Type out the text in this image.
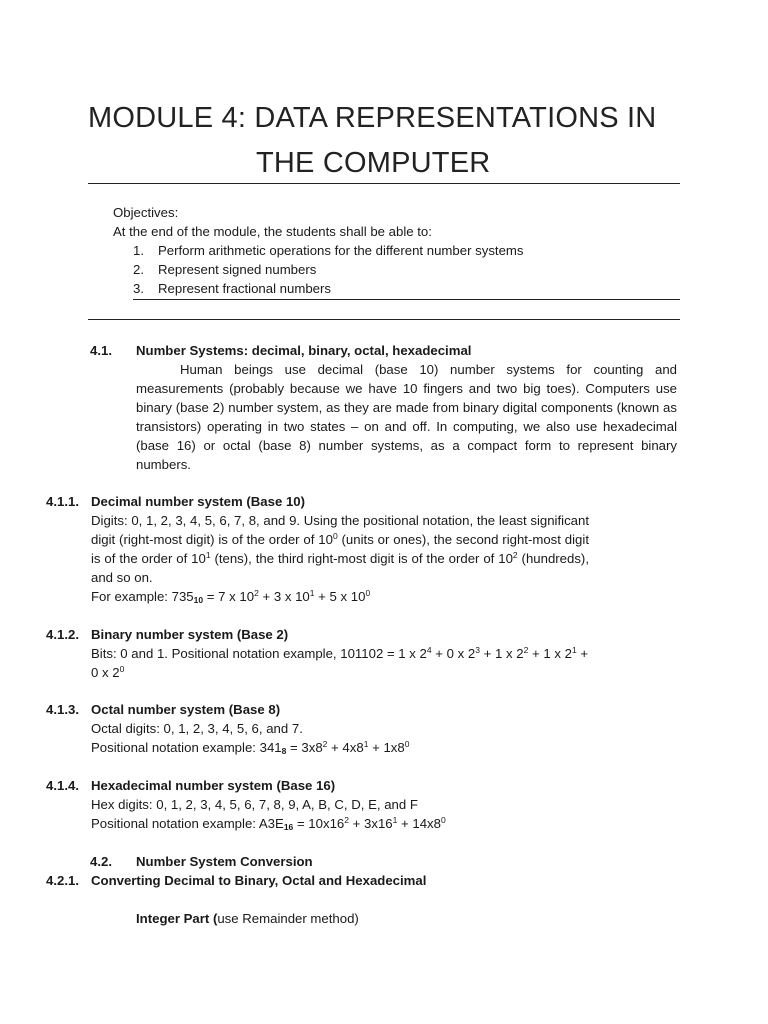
MODULE 4: DATA REPRESENTATIONS IN
THE COMPUTER
Objectives:
At the end of the module, the students shall be able to:
1. Perform arithmetic operations for the different number systems
2. Represent signed numbers
3. Represent fractional numbers
4.1. Number Systems: decimal, binary, octal, hexadecimal
Human beings use decimal (base 10) number systems for counting and measurements (probably because we have 10 fingers and two big toes). Computers use binary (base 2) number system, as they are made from binary digital components (known as transistors) operating in two states – on and off. In computing, we also use hexadecimal (base 16) or octal (base 8) number systems, as a compact form to represent binary numbers.
4.1.1. Decimal number system (Base 10)
Digits: 0, 1, 2, 3, 4, 5, 6, 7, 8, and 9. Using the positional notation, the least significant digit (right-most digit) is of the order of $10^0$ (units or ones), the second right-most digit is of the order of $10^1$ (tens), the third right-most digit is of the order of $10^2$ (hundreds), and so on.
For example: $735_{10} = 7$ x $10^2 + 3$ x $10^1 + 5$ x $10^0$
4.1.2. Binary number system (Base 2)
Bits: 0 and 1. Positional notation example, 101102 = 1 x $2^4 + 0$ x $2^3 + 1$ x $2^2 + 1$ x $2^1 + 0$ x $2^0$
4.1.3. Octal number system (Base 8)
Octal digits: 0, 1, 2, 3, 4, 5, 6, and 7.
Positional notation example: $341_8 = 3x8^2 + 4x8^1 + 1x8^0$
4.1.4. Hexadecimal number system (Base 16)
Hex digits: 0, 1, 2, 3, 4, 5, 6, 7, 8, 9, A, B, C, D, E, and F
Positional notation example: $A3E_{16} = 10x16^2 + 3x16^1 + 14x8^0$
4.2. Number System Conversion
4.2.1. Converting Decimal to Binary, Octal and Hexadecimal
Integer Part (use Remainder method)
